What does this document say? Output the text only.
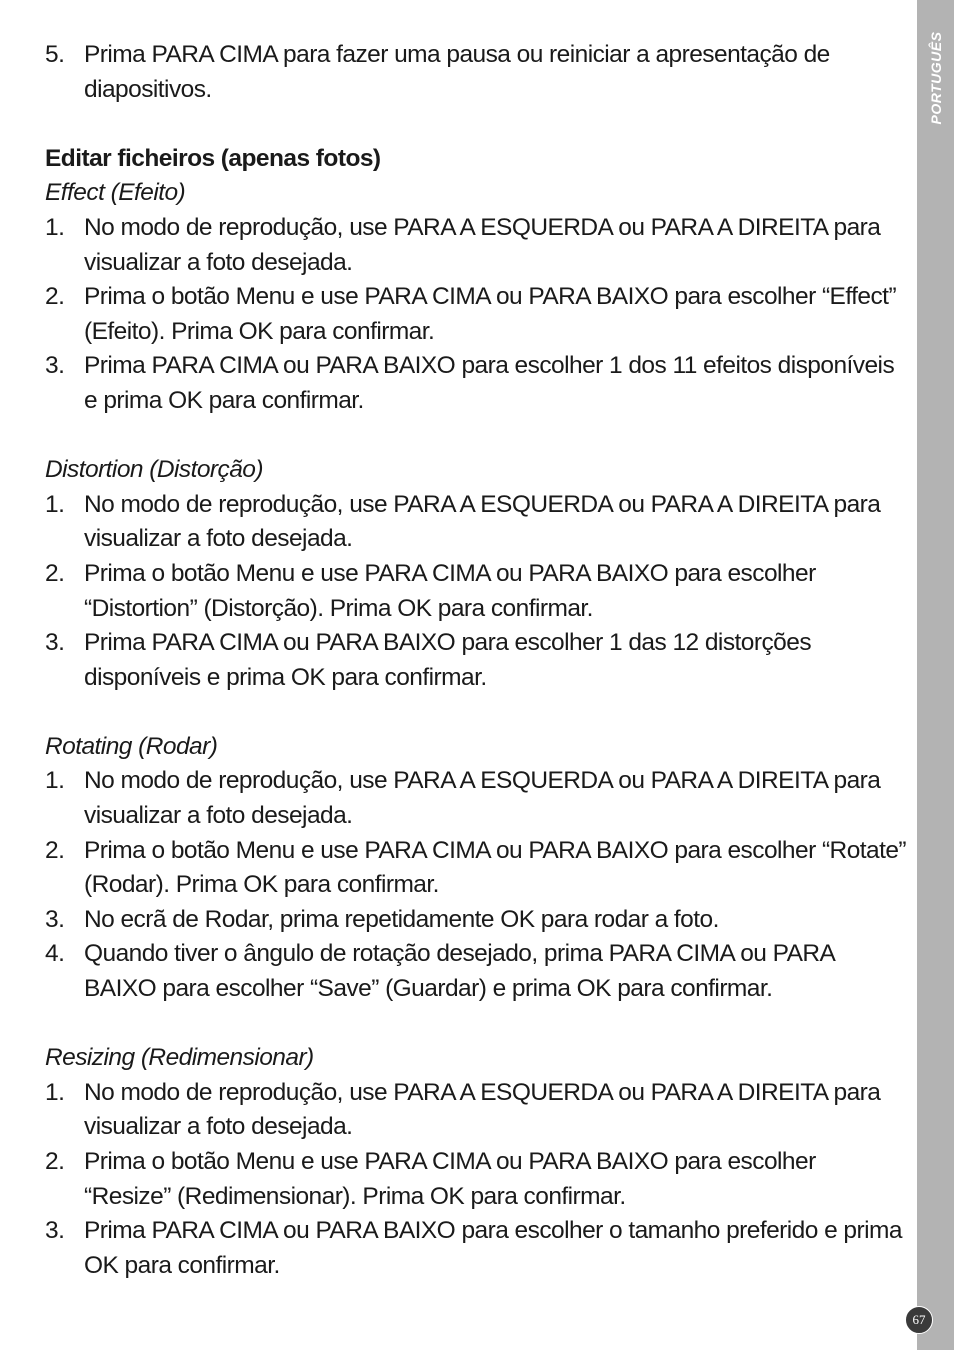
PORTUGUÊS
5. Prima PARA CIMA para fazer uma pausa ou reiniciar a apresentação de diapositivos.
Editar ficheiros (apenas fotos)
Effect (Efeito)
1. No modo de reprodução, use PARA A ESQUERDA ou PARA A DIREITA para visualizar a foto desejada.
2. Prima o botão Menu e use PARA CIMA ou PARA BAIXO para escolher “Effect” (Efeito). Prima OK para confirmar.
3. Prima PARA CIMA ou PARA BAIXO para escolher 1 dos 11 efeitos disponíveis e prima OK para confirmar.
Distortion (Distorção)
1. No modo de reprodução, use PARA A ESQUERDA ou PARA A DIREITA para visualizar a foto desejada.
2. Prima o botão Menu e use PARA CIMA ou PARA BAIXO para escolher “Distortion” (Distorção). Prima OK para confirmar.
3. Prima PARA CIMA ou PARA BAIXO para escolher 1 das 12 distorções disponíveis e prima OK para confirmar.
Rotating (Rodar)
1. No modo de reprodução, use PARA A ESQUERDA ou PARA A DIREITA para visualizar a foto desejada.
2. Prima o botão Menu e use PARA CIMA ou PARA BAIXO para escolher “Rotate” (Rodar). Prima OK para confirmar.
3. No ecrã de Rodar, prima repetidamente OK para rodar a foto.
4. Quando tiver o ângulo de rotação desejado, prima PARA CIMA ou PARA BAIXO para escolher “Save” (Guardar) e prima OK para confirmar.
Resizing (Redimensionar)
1. No modo de reprodução, use PARA A ESQUERDA ou PARA A DIREITA para visualizar a foto desejada.
2. Prima o botão Menu e use PARA CIMA ou PARA BAIXO para escolher “Resize” (Redimensionar). Prima OK para confirmar.
3. Prima PARA CIMA ou PARA BAIXO para escolher o tamanho preferido e prima OK para confirmar.
67
